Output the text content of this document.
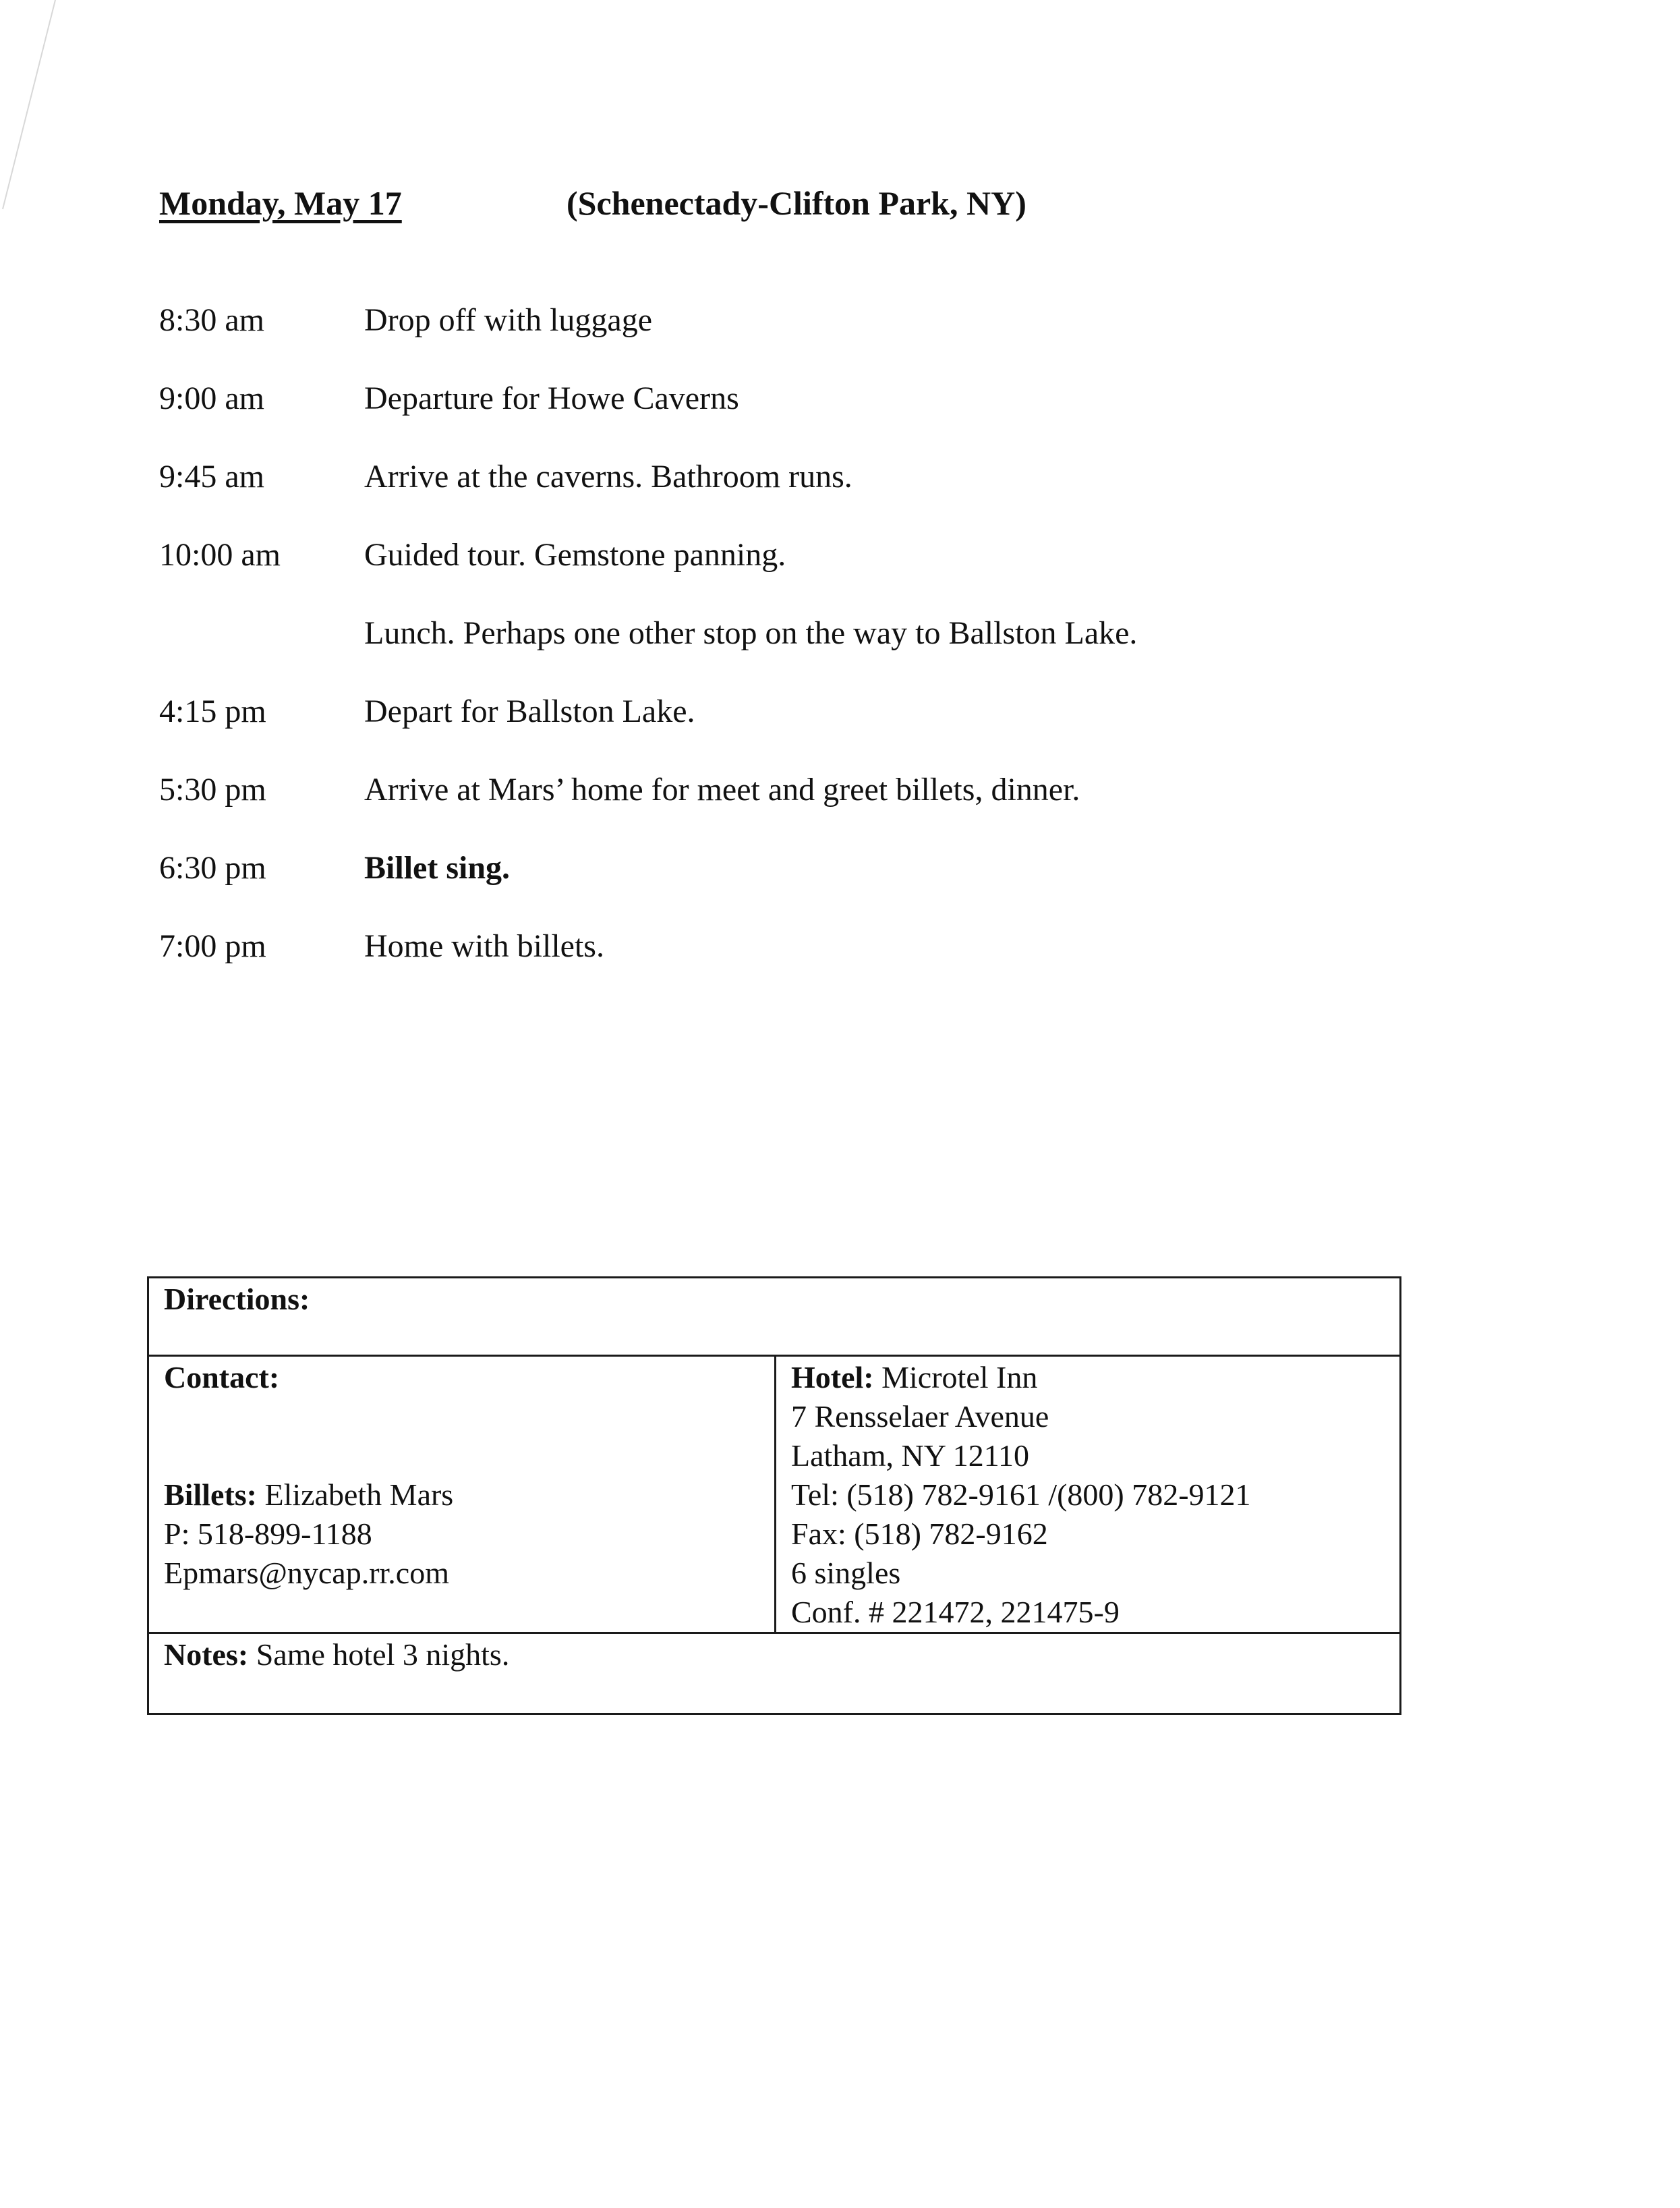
Monday, May 17	(Schenectady-Clifton Park, NY)
8:30 am	Drop off with luggage
9:00 am	Departure for Howe Caverns
9:45 am	Arrive at the caverns. Bathroom runs.
10:00 am	Guided tour. Gemstone panning.
Lunch. Perhaps one other stop on the way to Ballston Lake.
4:15 pm	Depart for Ballston Lake.
5:30 pm	Arrive at Mars’ home for meet and greet billets, dinner.
6:30 pm	Billet sing.
7:00 pm	Home with billets.
Directions:
Contact:
Billets: Elizabeth Mars
P: 518-899-1188
Epmars@nycap.rr.com
Hotel: Microtel Inn
7 Rensselaer Avenue
Latham, NY 12110
Tel: (518) 782-9161 /(800) 782-9121
Fax: (518) 782-9162
6 singles
Conf. # 221472, 221475-9
Notes: Same hotel 3 nights.
